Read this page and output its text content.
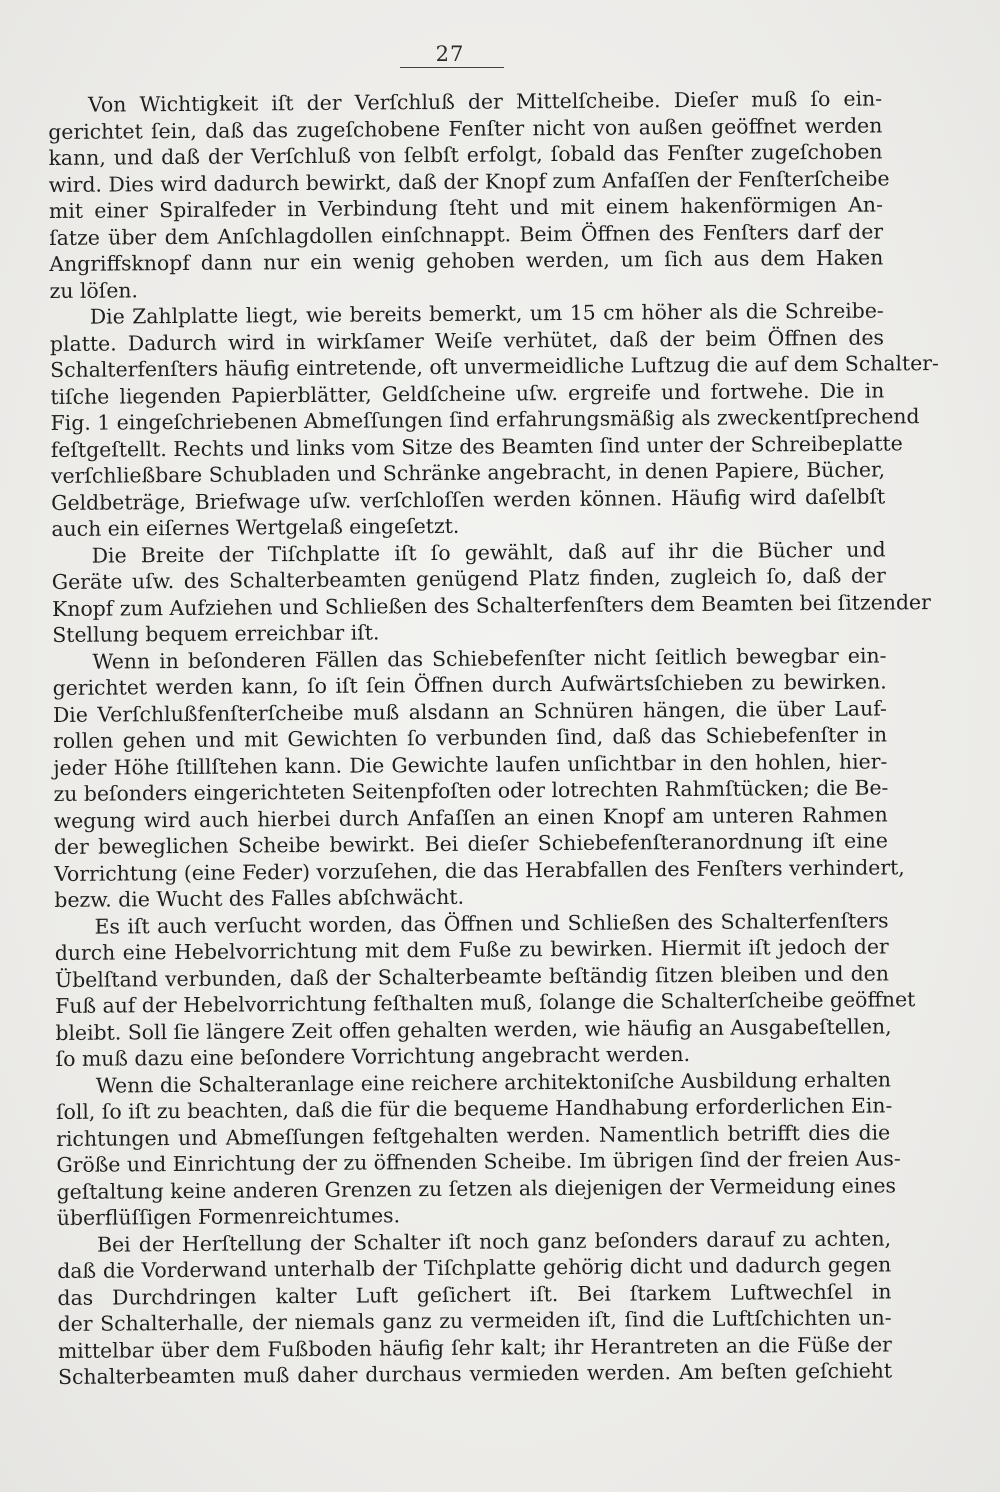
27
Von Wichtigkeit iſt der Verſchluß der Mittelſcheibe. Dieſer muß ſo ein-
gerichtet ſein, daß das zugeſchobene Fenſter nicht von außen geöffnet werden
kann, und daß der Verſchluß von ſelbſt erfolgt, ſobald das Fenſter zugeſchoben
wird. Dies wird dadurch bewirkt, daß der Knopf zum Anfaſſen der Fenſterſcheibe
mit einer Spiralfeder in Verbindung ſteht und mit einem hakenförmigen An-
ſatze über dem Anſchlagdollen einſchnappt. Beim Öffnen des Fenſters darf der
Angriffsknopf dann nur ein wenig gehoben werden, um ſich aus dem Haken
zu löſen.
Die Zahlplatte liegt, wie bereits bemerkt, um 15 cm höher als die Schreibe-
platte. Dadurch wird in wirkſamer Weiſe verhütet, daß der beim Öffnen des
Schalterfenſters häufig eintretende, oft unvermeidliche Luftzug die auf dem Schalter-
tiſche liegenden Papierblätter, Geldſcheine uſw. ergreife und fortwehe. Die in
Fig. 1 eingeſchriebenen Abmeſſungen ſind erfahrungsmäßig als zweckentſprechend
feſtgeſtellt. Rechts und links vom Sitze des Beamten ſind unter der Schreibeplatte
verſchließbare Schubladen und Schränke angebracht, in denen Papiere, Bücher,
Geldbeträge, Briefwage uſw. verſchloſſen werden können. Häufig wird daſelbſt
auch ein eiſernes Wertgelaß eingeſetzt.
Die Breite der Tiſchplatte iſt ſo gewählt, daß auf ihr die Bücher und
Geräte uſw. des Schalterbeamten genügend Platz finden, zugleich ſo, daß der
Knopf zum Aufziehen und Schließen des Schalterfenſters dem Beamten bei ſitzender
Stellung bequem erreichbar iſt.
Wenn in beſonderen Fällen das Schiebefenſter nicht ſeitlich bewegbar ein-
gerichtet werden kann, ſo iſt ſein Öffnen durch Aufwärtsſchieben zu bewirken.
Die Verſchlußfenſterſcheibe muß alsdann an Schnüren hängen, die über Lauf-
rollen gehen und mit Gewichten ſo verbunden ſind, daß das Schiebefenſter in
jeder Höhe ſtillſtehen kann. Die Gewichte laufen unſichtbar in den hohlen, hier-
zu beſonders eingerichteten Seitenpfoſten oder lotrechten Rahmſtücken; die Be-
wegung wird auch hierbei durch Anfaſſen an einen Knopf am unteren Rahmen
der beweglichen Scheibe bewirkt. Bei dieſer Schiebefenſteranordnung iſt eine
Vorrichtung (eine Feder) vorzuſehen, die das Herabfallen des Fenſters verhindert,
bezw. die Wucht des Falles abſchwächt.
Es iſt auch verſucht worden, das Öffnen und Schließen des Schalterfenſters
durch eine Hebelvorrichtung mit dem Fuße zu bewirken. Hiermit iſt jedoch der
Übelſtand verbunden, daß der Schalterbeamte beſtändig ſitzen bleiben und den
Fuß auf der Hebelvorrichtung feſthalten muß, ſolange die Schalterſcheibe geöffnet
bleibt. Soll ſie längere Zeit offen gehalten werden, wie häufig an Ausgabeſtellen,
ſo muß dazu eine beſondere Vorrichtung angebracht werden.
Wenn die Schalteranlage eine reichere architektoniſche Ausbildung erhalten
ſoll, ſo iſt zu beachten, daß die für die bequeme Handhabung erforderlichen Ein-
richtungen und Abmeſſungen feſtgehalten werden. Namentlich betrifft dies die
Größe und Einrichtung der zu öffnenden Scheibe. Im übrigen ſind der freien Aus-
geſtaltung keine anderen Grenzen zu ſetzen als diejenigen der Vermeidung eines
überflüſſigen Formenreichtumes.
Bei der Herſtellung der Schalter iſt noch ganz beſonders darauf zu achten,
daß die Vorderwand unterhalb der Tiſchplatte gehörig dicht und dadurch gegen
das Durchdringen kalter Luft geſichert iſt. Bei ſtarkem Luftwechſel in
der Schalterhalle, der niemals ganz zu vermeiden iſt, ſind die Luftſchichten un-
mittelbar über dem Fußboden häufig ſehr kalt; ihr Herantreten an die Füße der
Schalterbeamten muß daher durchaus vermieden werden. Am beſten geſchieht
